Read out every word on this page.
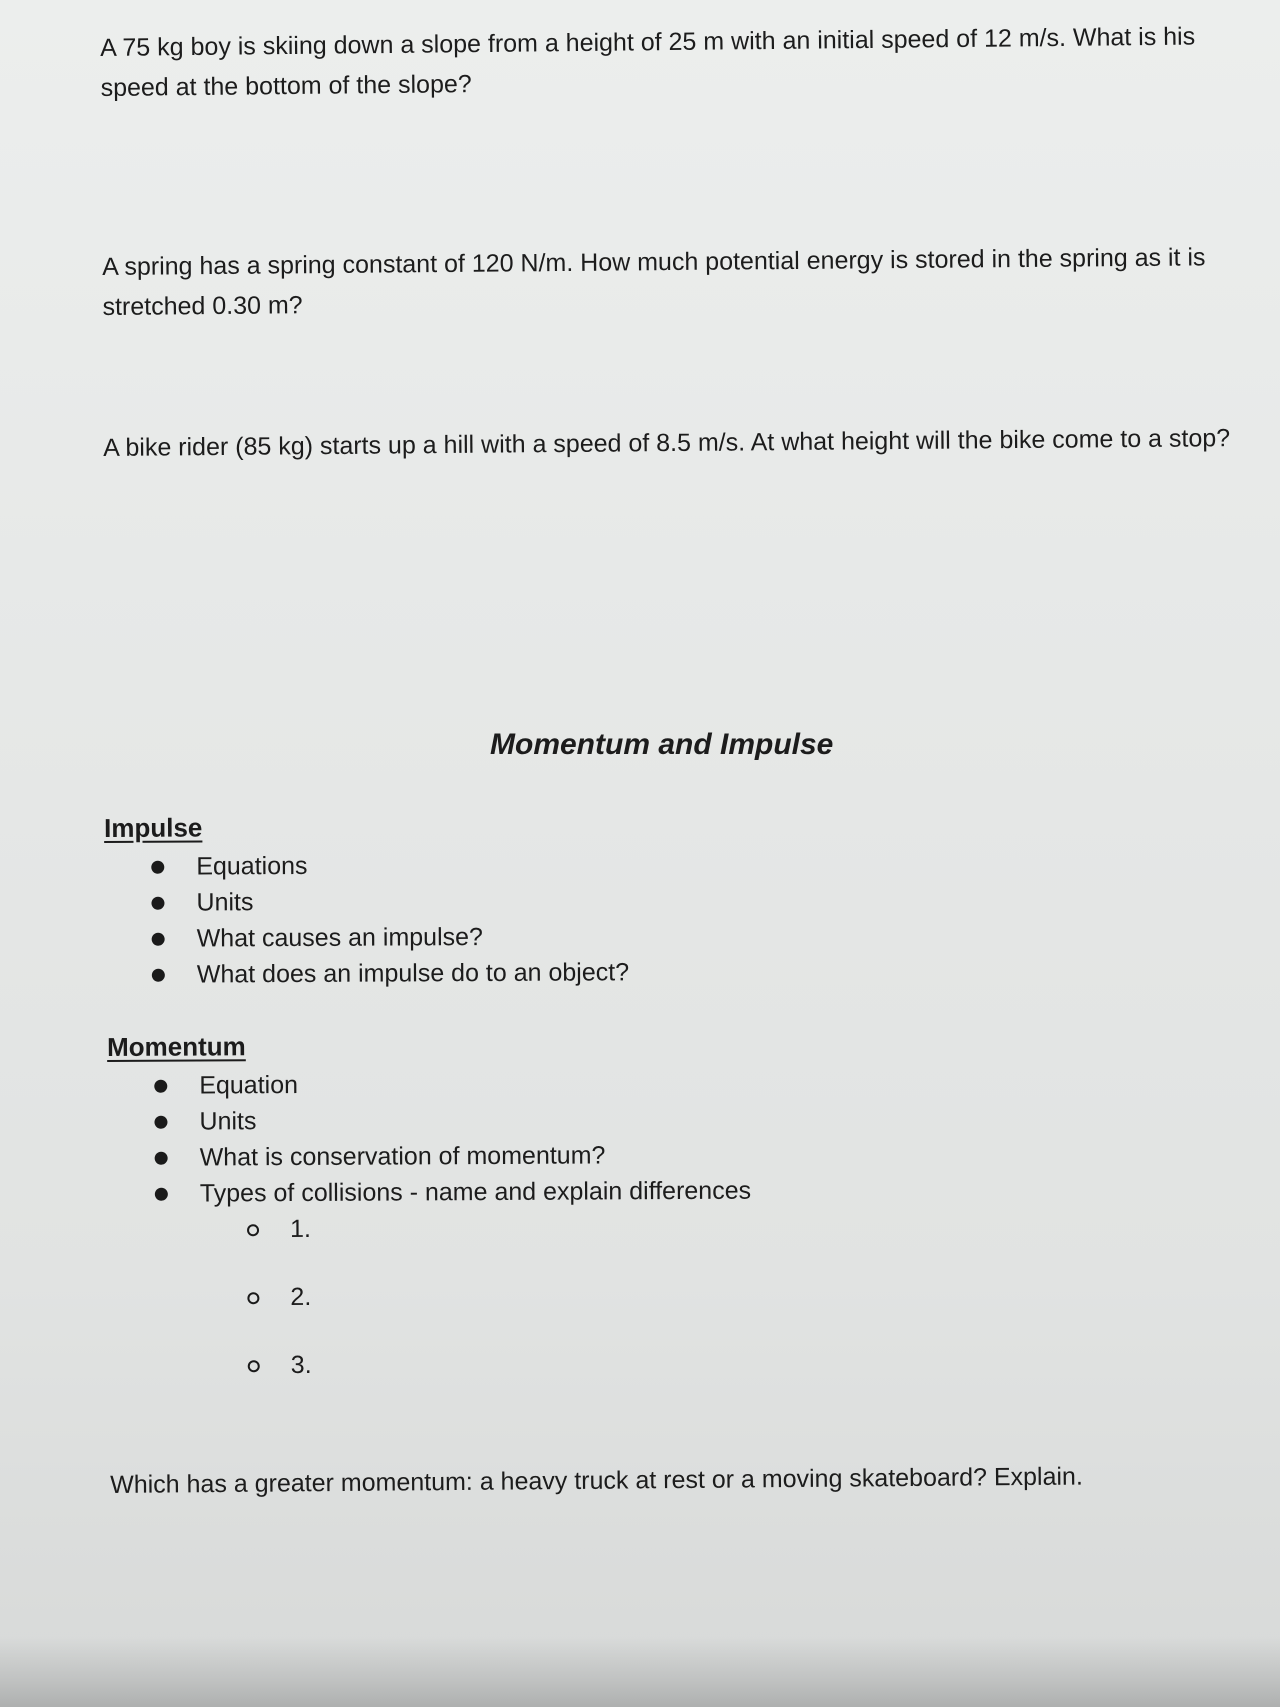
A 75 kg boy is skiing down a slope from a height of 25 m with an initial speed of 12 m/s. What is his speed at the bottom of the slope?

A spring has a spring constant of 120 N/m. How much potential energy is stored in the spring as it is stretched 0.30 m?

A bike rider (85 kg) starts up a hill with a speed of 8.5 m/s. At what height will the bike come to a stop?

Momentum and Impulse
Impulse
Equations
Units
What causes an impulse?
What does an impulse do to an object?
Momentum
Equation
Units
What is conservation of momentum?
Types of collisions - name and explain differences
1.
2.
3.

Which has a greater momentum: a heavy truck at rest or a moving skateboard? Explain.
